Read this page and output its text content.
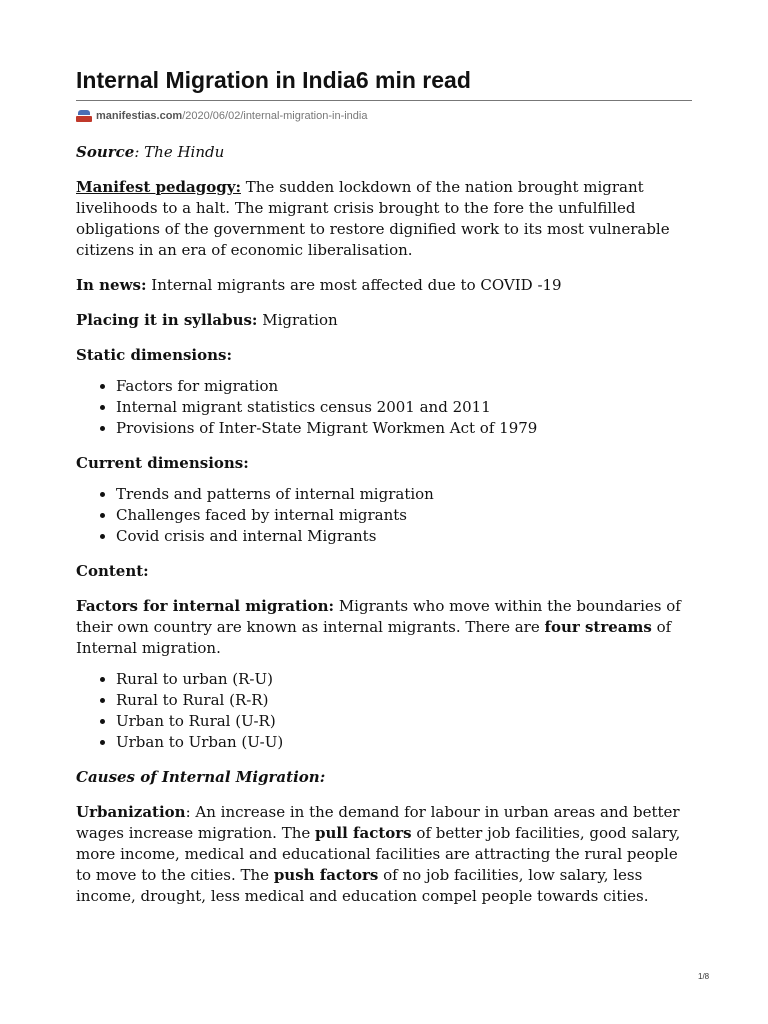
Internal Migration in India6 min read
manifestias.com /2020/06/02/internal-migration-in-india

Source: The Hindu

Manifest pedagogy: The sudden lockdown of the nation brought migrant livelihoods to a halt. The migrant crisis brought to the fore the unfulfilled obligations of the government to restore dignified work to its most vulnerable citizens in an era of economic liberalisation.

In news: Internal migrants are most affected due to COVID -19

Placing it in syllabus: Migration

Static dimensions:

• Factors for migration
• Internal migrant statistics census 2001 and 2011
• Provisions of Inter-State Migrant Workmen Act of 1979

Current dimensions:

• Trends and patterns of internal migration
• Challenges faced by internal migrants
• Covid crisis and internal Migrants

Content:

Factors for internal migration: Migrants who move within the boundaries of their own country are known as internal migrants. There are four streams of Internal migration.

• Rural to urban (R-U)
• Rural to Rural (R-R)
• Urban to Rural (U-R)
• Urban to Urban (U-U)

Causes of Internal Migration:

Urbanization: An increase in the demand for labour in urban areas and better wages increase migration. The pull factors of better job facilities, good salary, more income, medical and educational facilities are attracting the rural people to move to the cities. The push factors of no job facilities, low salary, less income, drought, less medical and education compel people towards cities.

1/8
